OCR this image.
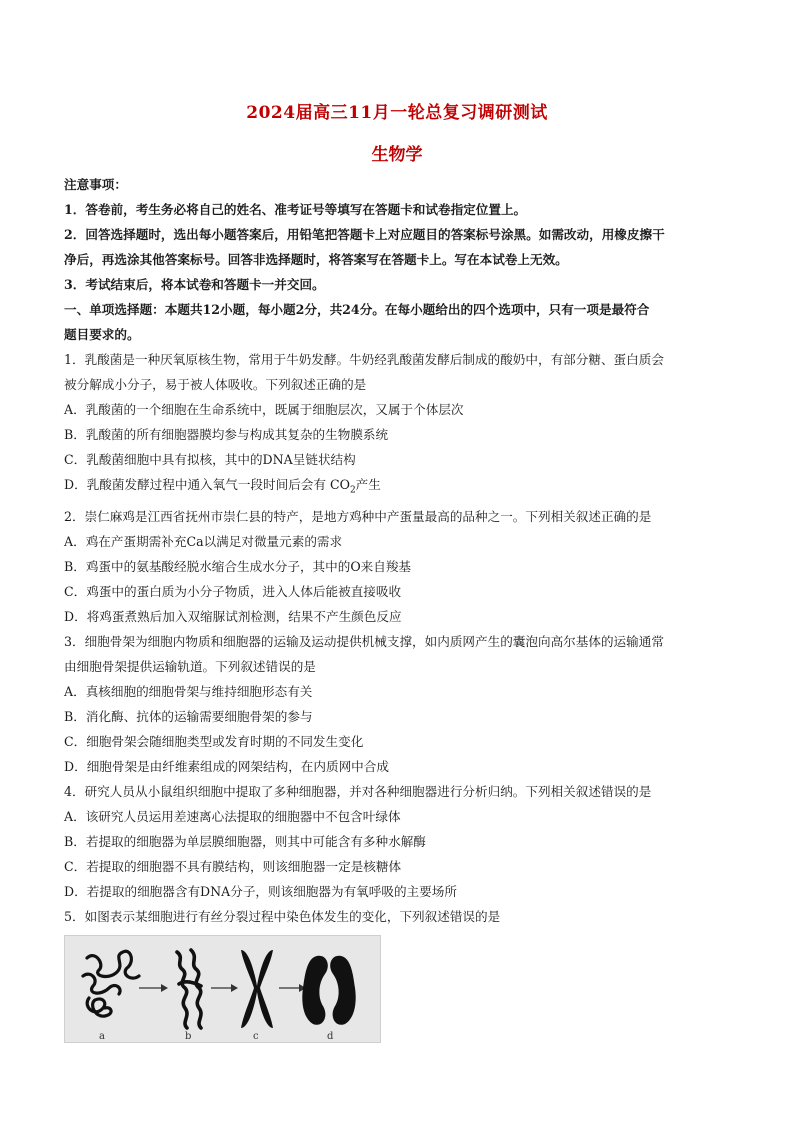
2024届高三11月一轮总复习调研测试
生物学
注意事项：
1．答卷前，考生务必将自己的姓名、准考证号等填写在答题卡和试卷指定位置上。
2．回答选择题时，选出每小题答案后，用铅笔把答题卡上对应题目的答案标号涂黑。如需改动，用橡皮擦干
净后，再选涂其他答案标号。回答非选择题时，将答案写在答题卡上。写在本试卷上无效。
3．考试结束后，将本试卷和答题卡一并交回。
一、单项选择题：本题共12小题，每小题2分，共24分。在每小题给出的四个选项中，只有一项是最符合
题目要求的。
1．乳酸菌是一种厌氧原核生物，常用于牛奶发酵。牛奶经乳酸菌发酵后制成的酸奶中，有部分糖、蛋白质会
被分解成小分子，易于被人体吸收。下列叙述正确的是
A．乳酸菌的一个细胞在生命系统中，既属于细胞层次，又属于个体层次
B．乳酸菌的所有细胞器膜均参与构成其复杂的生物膜系统
C．乳酸菌细胞中具有拟核，其中的DNA呈链状结构
D．乳酸菌发酵过程中通入氧气一段时间后会有 $CO_2$产生
2．崇仁麻鸡是江西省抚州市崇仁县的特产，是地方鸡种中产蛋量最高的品种之一。下列相关叙述正确的是
A．鸡在产蛋期需补充Ca以满足对微量元素的需求
B．鸡蛋中的氨基酸经脱水缩合生成水分子，其中的O来自羧基
C．鸡蛋中的蛋白质为小分子物质，进入人体后能被直接吸收
D．将鸡蛋煮熟后加入双缩脲试剂检测，结果不产生颜色反应
3．细胞骨架为细胞内物质和细胞器的运输及运动提供机械支撑，如内质网产生的囊泡向高尔基体的运输通常
由细胞骨架提供运输轨道。下列叙述错误的是
A．真核细胞的细胞骨架与维持细胞形态有关
B．消化酶、抗体的运输需要细胞骨架的参与
C．细胞骨架会随细胞类型或发育时期的不同发生变化
D．细胞骨架是由纤维素组成的网架结构，在内质网中合成
4．研究人员从小鼠组织细胞中提取了多种细胞器，并对各种细胞器进行分析归纳。下列相关叙述错误的是
A．该研究人员运用差速离心法提取的细胞器中不包含叶绿体
B．若提取的细胞器为单层膜细胞器，则其中可能含有多种水解酶
C．若提取的细胞器不具有膜结构，则该细胞器一定是核糖体
D．若提取的细胞器含有DNA分子，则该细胞器为有氧呼吸的主要场所
5．如图表示某细胞进行有丝分裂过程中染色体发生的变化，下列叙述错误的是
a	b	c	d
